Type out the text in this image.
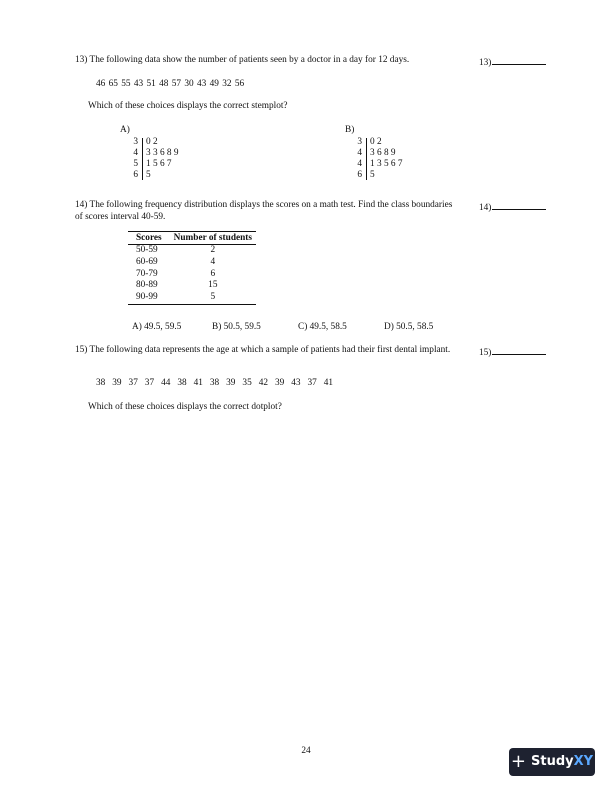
13) The following data show the number of patients seen by a doctor in a day for 12 days.	13)
46 65 55 43 51 48 57 30 43 49 32 56
Which of these choices displays the correct stemplot?
A)
3 0 2
4 3 3 6 8 9
5 1 5 6 7
6 5
B)
3 0 2
4 3 6 8 9
4 1 3 5 6 7
6 5
14) The following frequency distribution displays the scores on a math test. Find the class boundaries of scores interval 40-59.
14)
Scores	Number of students
50-59	2
60-69	4
70-79	6
80-89	15
90-99	5
A) 49.5, 59.5	B) 50.5, 59.5	C) 49.5, 58.5	D) 50.5, 58.5
15) The following data represents the age at which a sample of patients had their first dental implant.	15)
38   39   37   37   44   38   41   38   39   35   42   39   43   37   41
Which of these choices displays the correct dotplot?
24	+ Study XY
